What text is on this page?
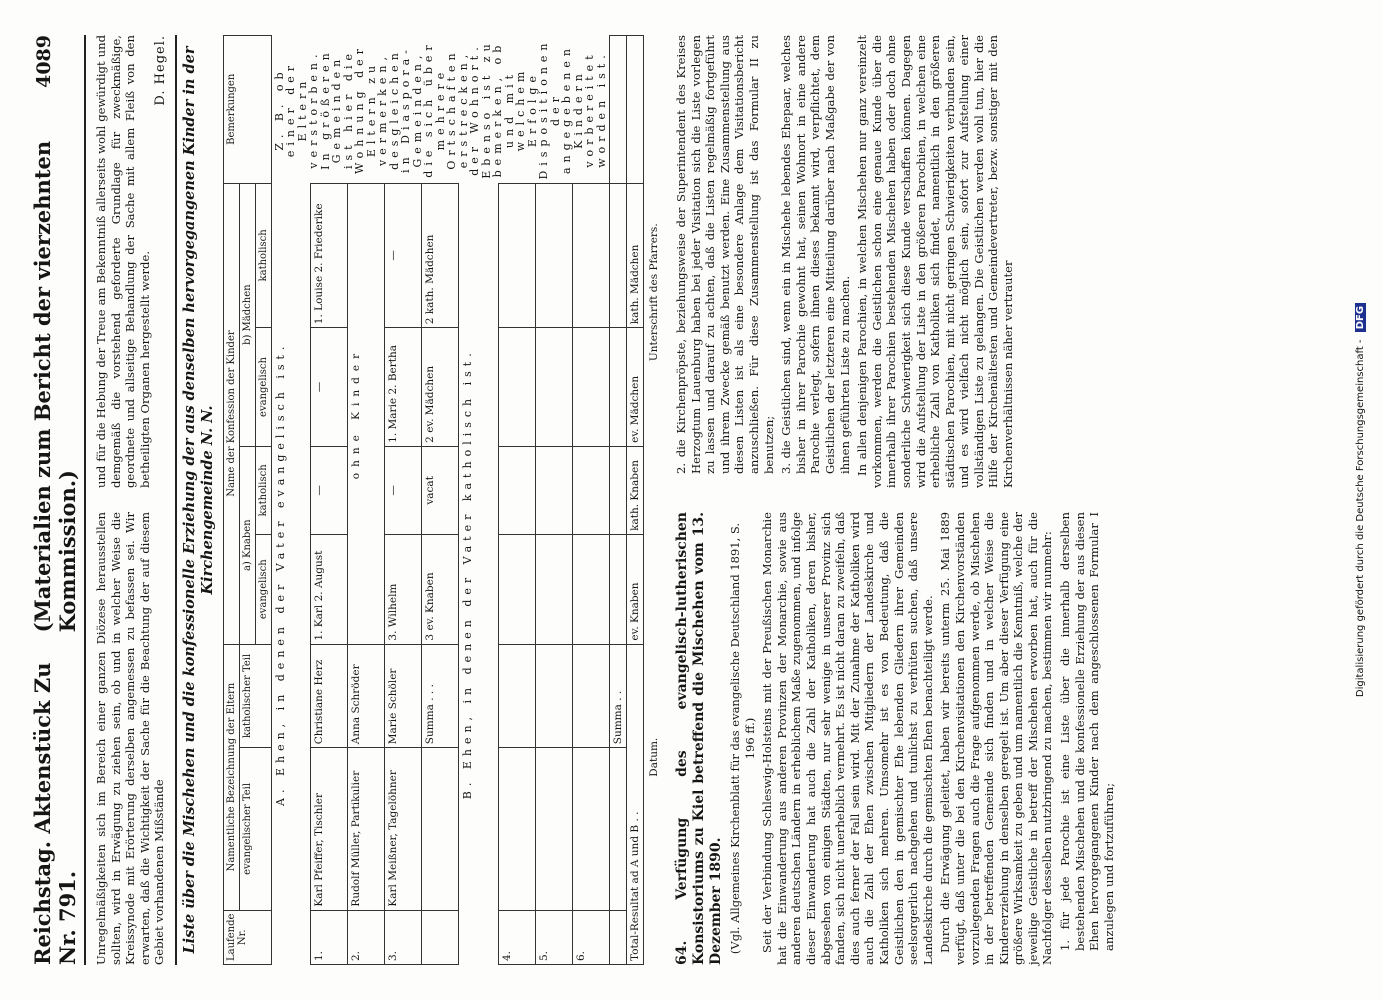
Reichstag. Aktenstück Zu Nr. 791.
(Materialien zum Bericht der vierzehnten Kommission.)
4089
Unregelmäßigkeiten sich im Bereich einer ganzen Diözese herausstellen sollten, wird in Erwägung zu ziehen sein, ob und in welcher Weise die Kreissynode mit Erörterung derselben angemessen zu befassen sei. Wir erwarten, daß die Wichtigkeit der Sache für die Beachtung der auf diesem Gebiet vorhandenen Mißstände
und für die Hebung der Treue am Bekenntniß allerseits wohl gewürdigt und demgemäß die vorstehend geforderte Grundlage für zweckmäßige, geordnete und allseitige Behandlung der Sache mit allem Fleiß von den betheiligten Organen hergestellt werde.
D. Hegel. Liste über die Mischehen und die konfessionelle Erziehung der aus denselben hervorgegangenen Kinder in der Kirchengemeinde N. N.
Laufende Nr.	Namentliche Bezeichnung der Eltern		Name der Konfession der Kinder				Bemerkungen
	evangelischer Teil	katholischer Teil	a) Knaben		b) Mädchen		
			evangelisch	katholisch	evangelisch	katholisch	
A. Ehen, in denen der Vater evangelisch ist.							Z. B. ob einer der Eltern verstorben. In größeren Gemeinden ist hier die Wohnung der Eltern zu vermerken, desgleichen in Diaspora-Gemeinden, die sich über mehrere Ortschaften erstrecken, der Wohnort. Ebenso ist zu bemerken, ob und mit welchem Erfolge Dispositionen der angegebenen Kindern vorbereitet worden ist.
1.	Karl Pfeiffer, Tischler	Christiane Herz	1. Karl 2. August	—	—	1. Louise 2. Friederike	
2.	Rudolf Müller, Partikulier	Anna Schröder	ohne Kinder				
3.	Karl Meißner, Tagelöhner	Marie Schöler	3. Wilhelm	—	1. Marie 2. Bertha	—	
		Summa . . .	3 ev. Knaben	vacat	2 ev. Mädchen	2 kath. Mädchen	
B. Ehen, in denen der Vater katholisch ist.							
4.							
5.							
6.							
		Summa . .					
Total-Resultat ad A und B . .			ev. Knaben	kath. Knaben	ev. Mädchen	kath. Mädchen	
Datum.
Unterschrift des Pfarrers.

64. Verfügung des evangelisch-lutherischen Konsistoriums zu Kiel betreffend die Mischehen vom 13. Dezember 1890. (Vgl. Allgemeines Kirchenblatt für das evangelische Deutschland 1891, S. 196 ff.) Seit der Verbindung Schleswig-Holsteins mit der Preußischen Monarchie hat die Einwanderung aus anderen Provinzen der Monarchie, sowie aus anderen deutschen Ländern in erheblichem Maße zugenommen, und infolge dieser Einwanderung hat auch die Zahl der Katholiken, deren bisher, abgesehen von einigen Städten, nur sehr wenige in unserer Provinz sich fanden, sich nicht unerheblich vermehrt. Es ist nicht daran zu zweifeln, daß dies auch ferner der Fall sein wird. Mit der Zunahme der Katholiken wird auch die Zahl der Ehen zwischen Mitgliedern der Landeskirche und Katholiken sich mehren. Umsomehr ist es von Bedeutung, daß die Geistlichen den in gemischter Ehe lebenden Gliedern ihrer Gemeinden seelsorgerlich nachgehen und tunlichst zu verhüten suchen, daß unsere Landeskirche durch die gemischten Ehen benachteiligt werde. Durch die Erwägung geleitet, haben wir bereits unterm 25. Mai 1889 verfügt, daß unter die bei den Kirchenvisitationen den Kirchenvorständen vorzulegenden Fragen auch die Frage aufgenommen werde, ob Mischehen in der betreffenden Gemeinde sich finden und in welcher Weise die Kindererziehung in denselben geregelt ist. Um aber dieser Verfügung eine größere Wirksamkeit zu geben und um namentlich die Kenntniß, welche der jeweilige Geistliche in betreff der Mischehen erworben hat, auch für die Nachfolger desselben nutzbringend zu machen, bestimmen wir nunmehr: 1. für jede Parochie ist eine Liste über die innerhalb derselben bestehenden Mischehen und die konfessionelle Erziehung der aus diesen Ehen hervorgegangenen Kinder nach dem angeschlossenen Formular I anzulegen und fortzuführen;

2. die Kirchenpröpste, beziehungsweise der Superintendent des Kreises Herzogtum Lauenburg haben bei jeder Visitation sich die Liste vorlegen zu lassen und darauf zu achten, daß die Listen regelmäßig fortgeführt und ihrem Zwecke gemäß benutzt werden. Eine Zusammenstellung aus diesen Listen ist als eine besondere Anlage dem Visitationsbericht anzuschließen. Für diese Zusammenstellung ist das Formular II zu benutzen; 3. die Geistlichen sind, wenn ein in Mischehe lebendes Ehepaar, welches bisher in ihrer Parochie gewohnt hat, seinen Wohnort in eine andere Parochie verlegt, sofern ihnen dieses bekannt wird, verpflichtet, dem Geistlichen der letzteren eine Mitteilung darüber nach Maßgabe der von ihnen geführten Liste zu machen. In allen denjenigen Parochien, in welchen Mischehen nur ganz vereinzelt vorkommen, werden die Geistlichen schon eine genaue Kunde über die innerhalb ihrer Parochien bestehenden Mischehen haben oder doch ohne sonderliche Schwierigkeit sich diese Kunde verschaffen können. Dagegen wird die Aufstellung der Liste in den größeren Parochien, in welchen eine erhebliche Zahl von Katholiken sich findet, namentlich in den größeren städtischen Parochien, mit nicht geringen Schwierigkeiten verbunden sein, und es wird vielfach nicht möglich sein, sofort zur Aufstellung einer vollständigen Liste zu gelangen. Die Geistlichen werden wohl tun, hier die Hilfe der Kirchenältesten und Gemeindevertreter, bezw. sonstiger mit den Kirchenverhältnissen näher vertrauter	Digitalisierung gefördert durch die Deutsche Forschungsgemeinschaft - DFG
